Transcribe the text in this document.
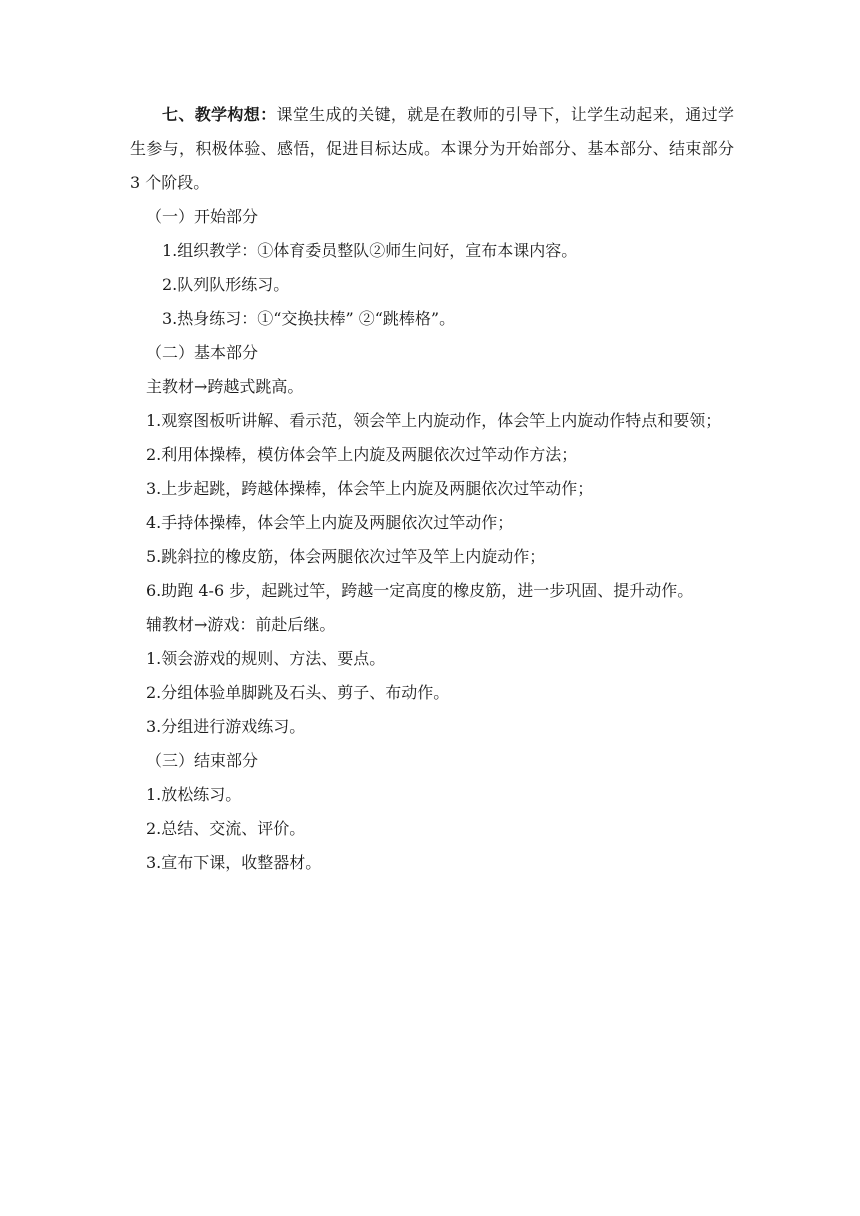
七、教学构想：课堂生成的关键，就是在教师的引导下，让学生动起来，通过学生参与，积极体验、感悟，促进目标达成。本课分为开始部分、基本部分、结束部分 3 个阶段。

（一）开始部分

1.组织教学：①体育委员整队②师生问好，宣布本课内容。

2.队列队形练习。

3.热身练习：①“交换扶棒” ②“跳棒格”。

（二）基本部分

主教材→跨越式跳高。

1.观察图板听讲解、看示范，领会竿上内旋动作，体会竿上内旋动作特点和要领；

2.利用体操棒，模仿体会竿上内旋及两腿依次过竿动作方法；

3.上步起跳，跨越体操棒，体会竿上内旋及两腿依次过竿动作；

4.手持体操棒，体会竿上内旋及两腿依次过竿动作；

5.跳斜拉的橡皮筋，体会两腿依次过竿及竿上内旋动作；

6.助跑 4-6 步，起跳过竿，跨越一定高度的橡皮筋，进一步巩固、提升动作。

辅教材→游戏：前赴后继。

1.领会游戏的规则、方法、要点。

2.分组体验单脚跳及石头、剪子、布动作。

3.分组进行游戏练习。

（三）结束部分

1.放松练习。

2.总结、交流、评价。

3.宣布下课，收整器材。
